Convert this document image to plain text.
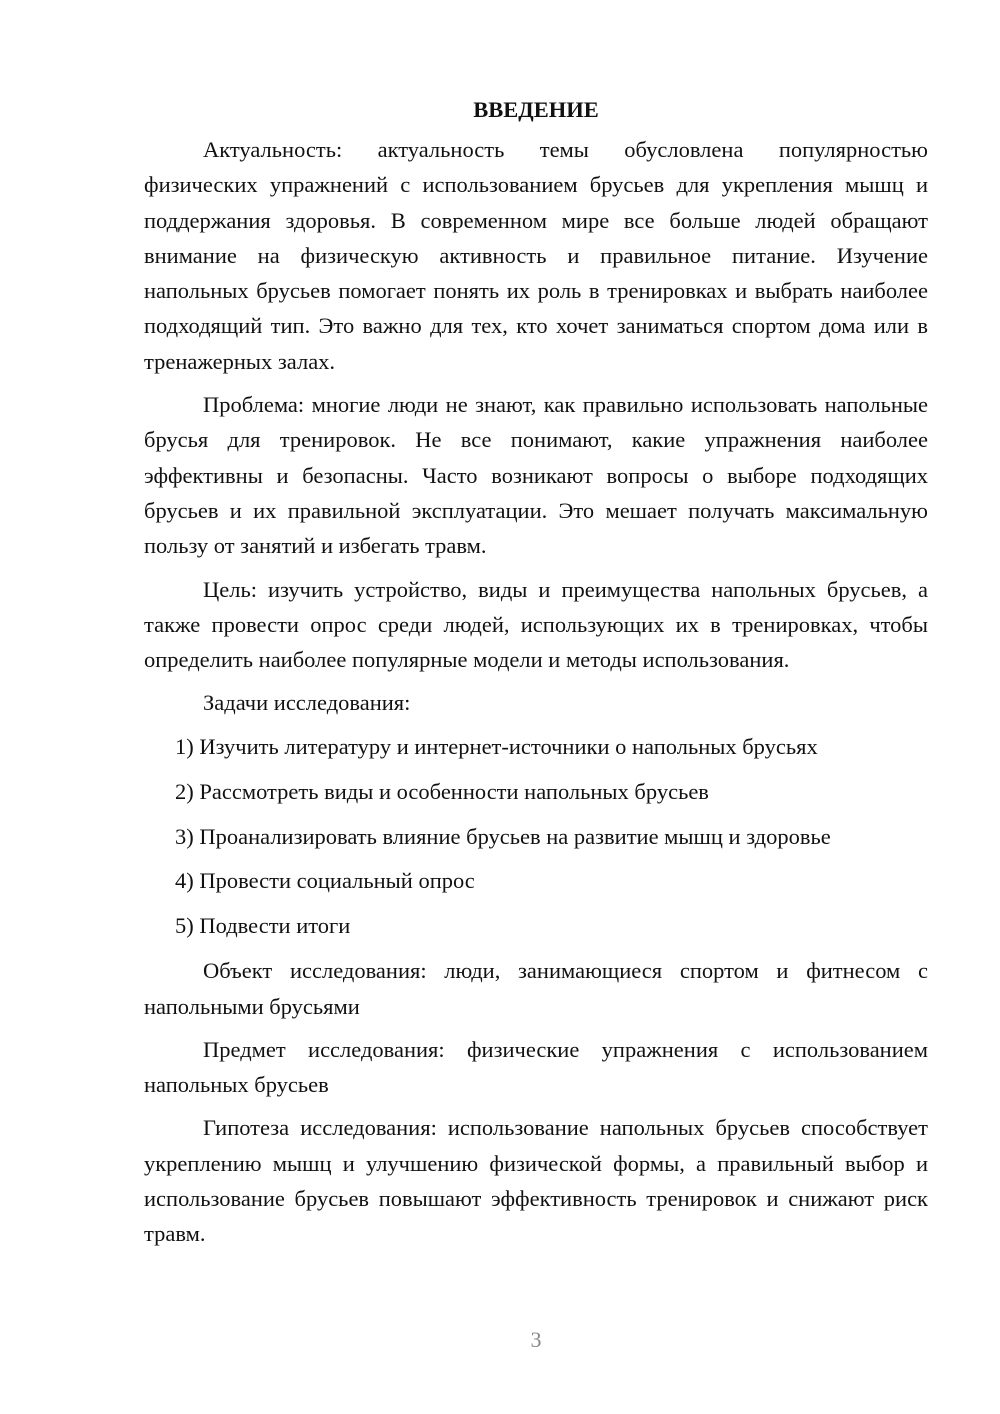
ВВЕДЕНИЕ

Актуальность: актуальность темы обусловлена популярностью физических упражнений с использованием брусьев для укрепления мышц и поддержания здоровья. В современном мире все больше людей обращают внимание на физическую активность и правильное питание. Изучение напольных брусьев помогает понять их роль в тренировках и выбрать наиболее подходящий тип. Это важно для тех, кто хочет заниматься спортом дома или в тренажерных залах.

Проблема: многие люди не знают, как правильно использовать напольные брусья для тренировок. Не все понимают, какие упражнения наиболее эффективны и безопасны. Часто возникают вопросы о выборе подходящих брусьев и их правильной эксплуатации. Это мешает получать максимальную пользу от занятий и избегать травм.

Цель: изучить устройство, виды и преимущества напольных брусьев, а также провести опрос среди людей, использующих их в тренировках, чтобы определить наиболее популярные модели и методы использования.

Задачи исследования:

1) Изучить литературу и интернет-источники о напольных брусьях
2) Рассмотреть виды и особенности напольных брусьев
3) Проанализировать влияние брусьев на развитие мышц и здоровье
4) Провести социальный опрос
5) Подвести итоги

Объект исследования: люди, занимающиеся спортом и фитнесом с напольными брусьями

Предмет исследования: физические упражнения с использованием напольных брусьев

Гипотеза исследования: использование напольных брусьев способствует укреплению мышц и улучшению физической формы, а правильный выбор и использование брусьев повышают эффективность тренировок и снижают риск травм.

3
